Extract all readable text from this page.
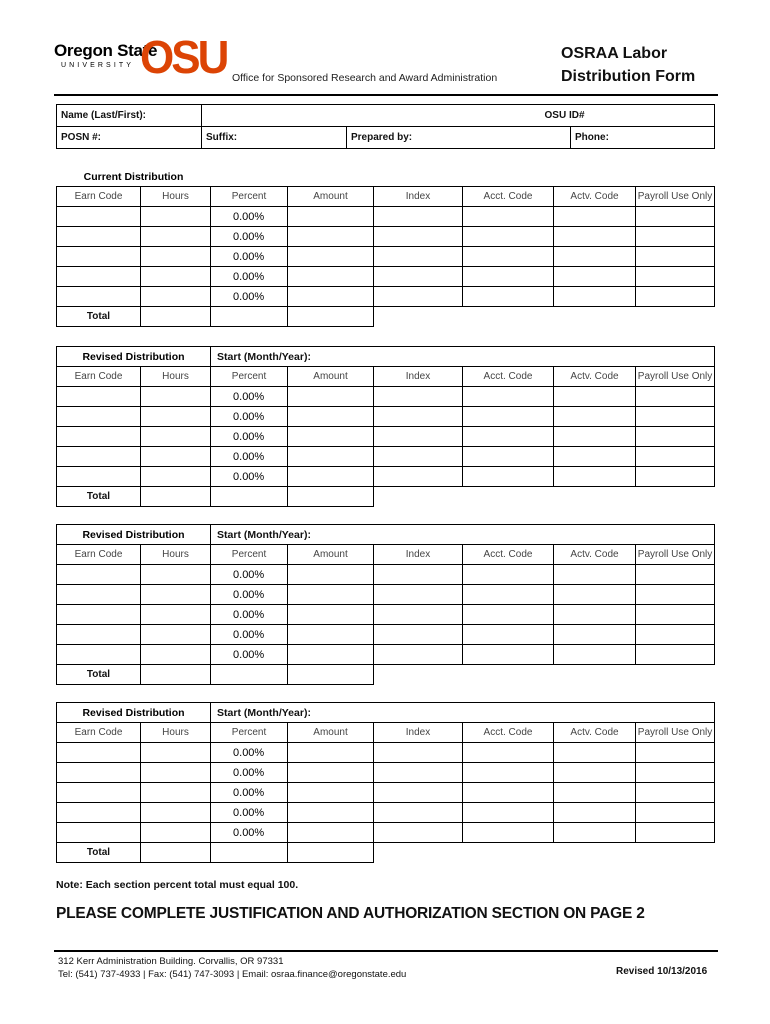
Oregon State
UNIVERSITY OSU Office for Sponsored Research and Award Administration
OSRAA Labor
Distribution Form
Name (Last/First):			OSU ID#
POSN #:	Suffix:	Prepared by:	Phone:
Current Distribution							
Earn Code	Hours	Percent	Amount	Index	Acct. Code	Actv. Code	Payroll Use Only
		0.00%					
		0.00%					
		0.00%					
		0.00%					
		0.00%					
Total							
Revised Distribution		Start (Month/Year):					
Earn Code	Hours	Percent	Amount	Index	Acct. Code	Actv. Code	Payroll Use Only
		0.00%					
		0.00%					
		0.00%					
		0.00%					
		0.00%					
Total							
Revised Distribution		Start (Month/Year):					
Earn Code	Hours	Percent	Amount	Index	Acct. Code	Actv. Code	Payroll Use Only
		0.00%					
		0.00%					
		0.00%					
		0.00%					
		0.00%					
Total							
Revised Distribution		Start (Month/Year):					
Earn Code	Hours	Percent	Amount	Index	Acct. Code	Actv. Code	Payroll Use Only
		0.00%					
		0.00%					
		0.00%					
		0.00%					
		0.00%					
Total							
Note: Each section percent total must equal 100.
PLEASE COMPLETE JUSTIFICATION AND AUTHORIZATION SECTION ON PAGE 2
312 Kerr Administration Building. Corvallis, OR 97331
Tel: (541) 737-4933 | Fax: (541) 747-3093 | Email: osraa.finance@oregonstate.edu	Revised 10/13/2016
